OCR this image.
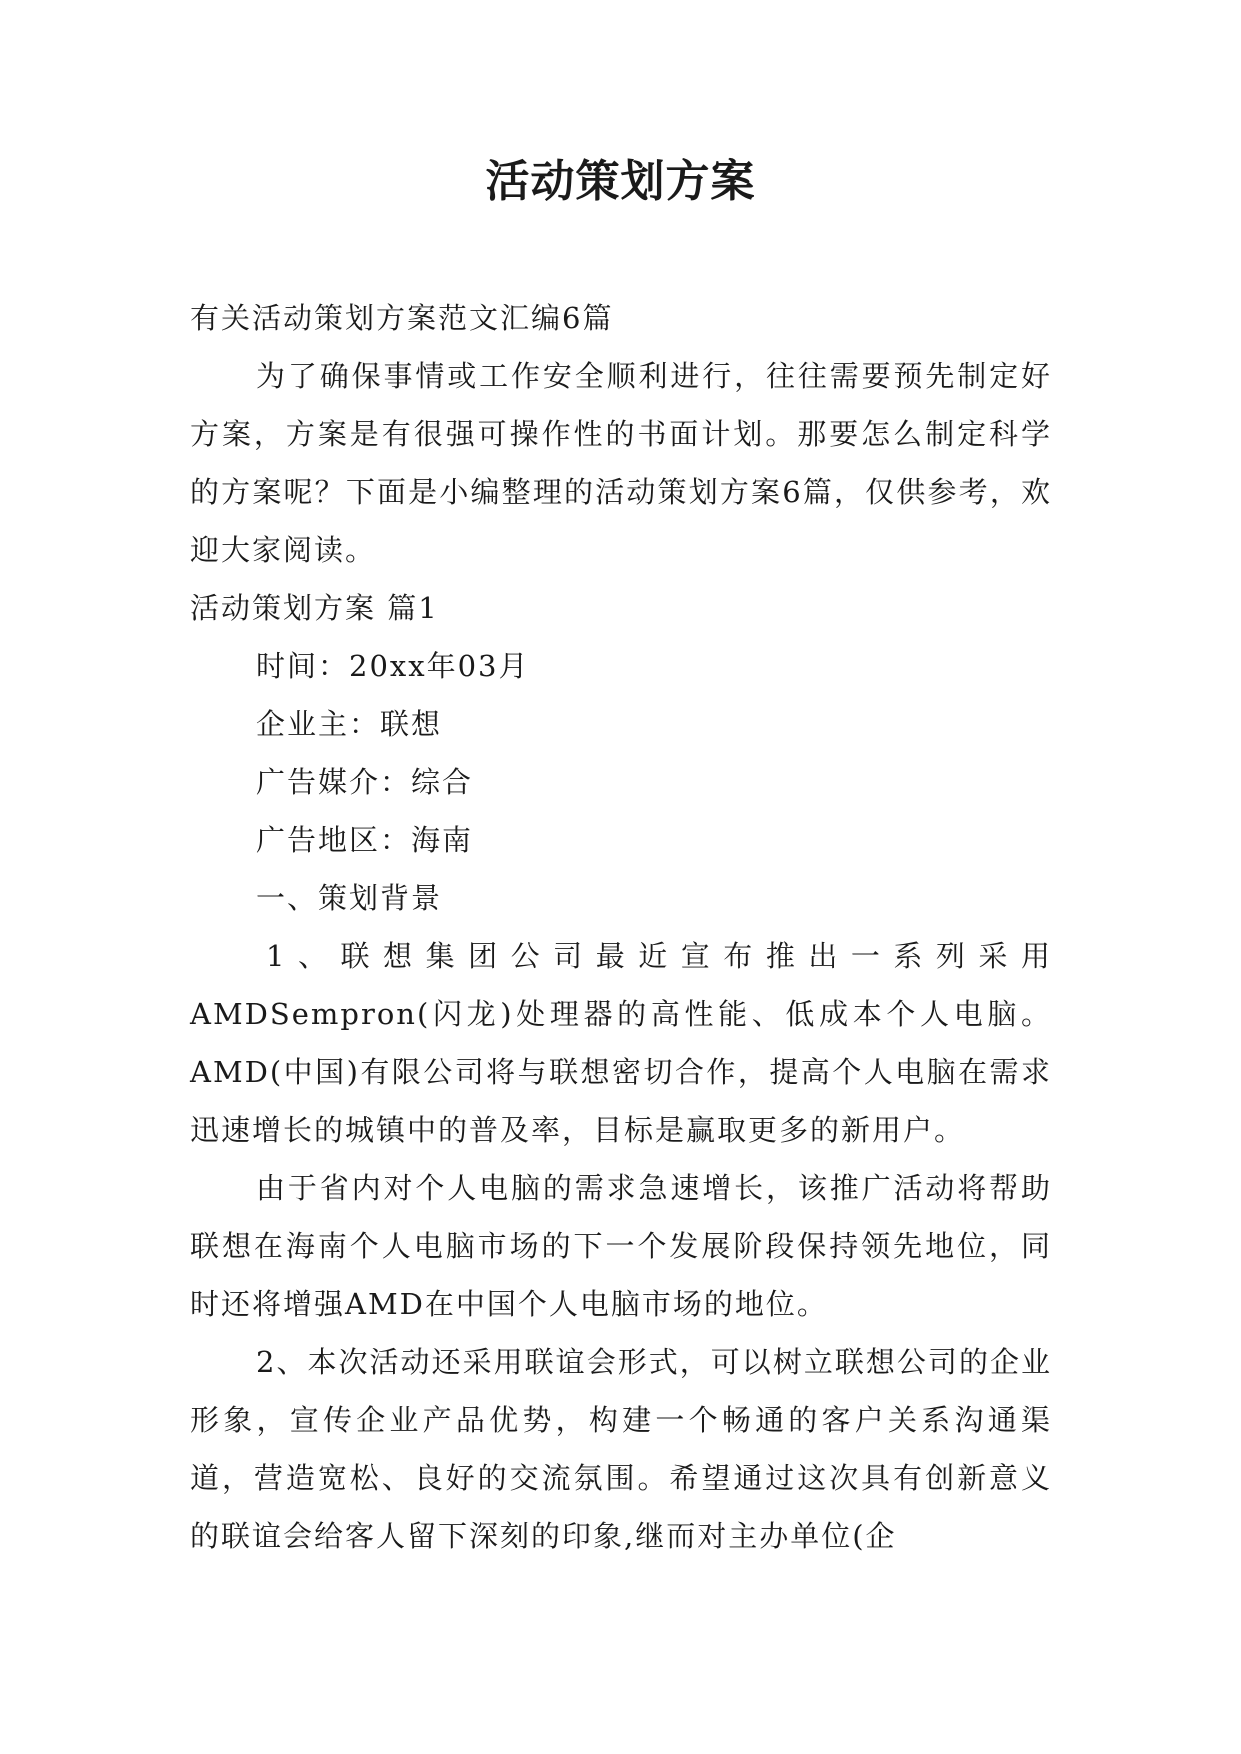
活动策划方案

有关活动策划方案范文汇编6篇

为了确保事情或工作安全顺利进行，往往需要预先制定好方案，方案是有很强可操作性的书面计划。那要怎么制定科学的方案呢？下面是小编整理的活动策划方案6篇，仅供参考，欢迎大家阅读。

活动策划方案 篇1

时间：20xx年03月

企业主：联想

广告媒介：综合

广告地区：海南

一、策划背景

1、联想集团公司最近宣布推出一系列采用AMDSempron(闪龙)处理器的高性能、低成本个人电脑。AMD(中国)有限公司将与联想密切合作，提高个人电脑在需求迅速增长的城镇中的普及率，目标是赢取更多的新用户。

由于省内对个人电脑的需求急速增长，该推广活动将帮助联想在海南个人电脑市场的下一个发展阶段保持领先地位，同时还将增强AMD在中国个人电脑市场的地位。

2、本次活动还采用联谊会形式，可以树立联想公司的企业形象，宣传企业产品优势，构建一个畅通的客户关系沟通渠道，营造宽松、良好的交流氛围。希望通过这次具有创新意义的联谊会给客人留下深刻的印象,继而对主办单位(企
